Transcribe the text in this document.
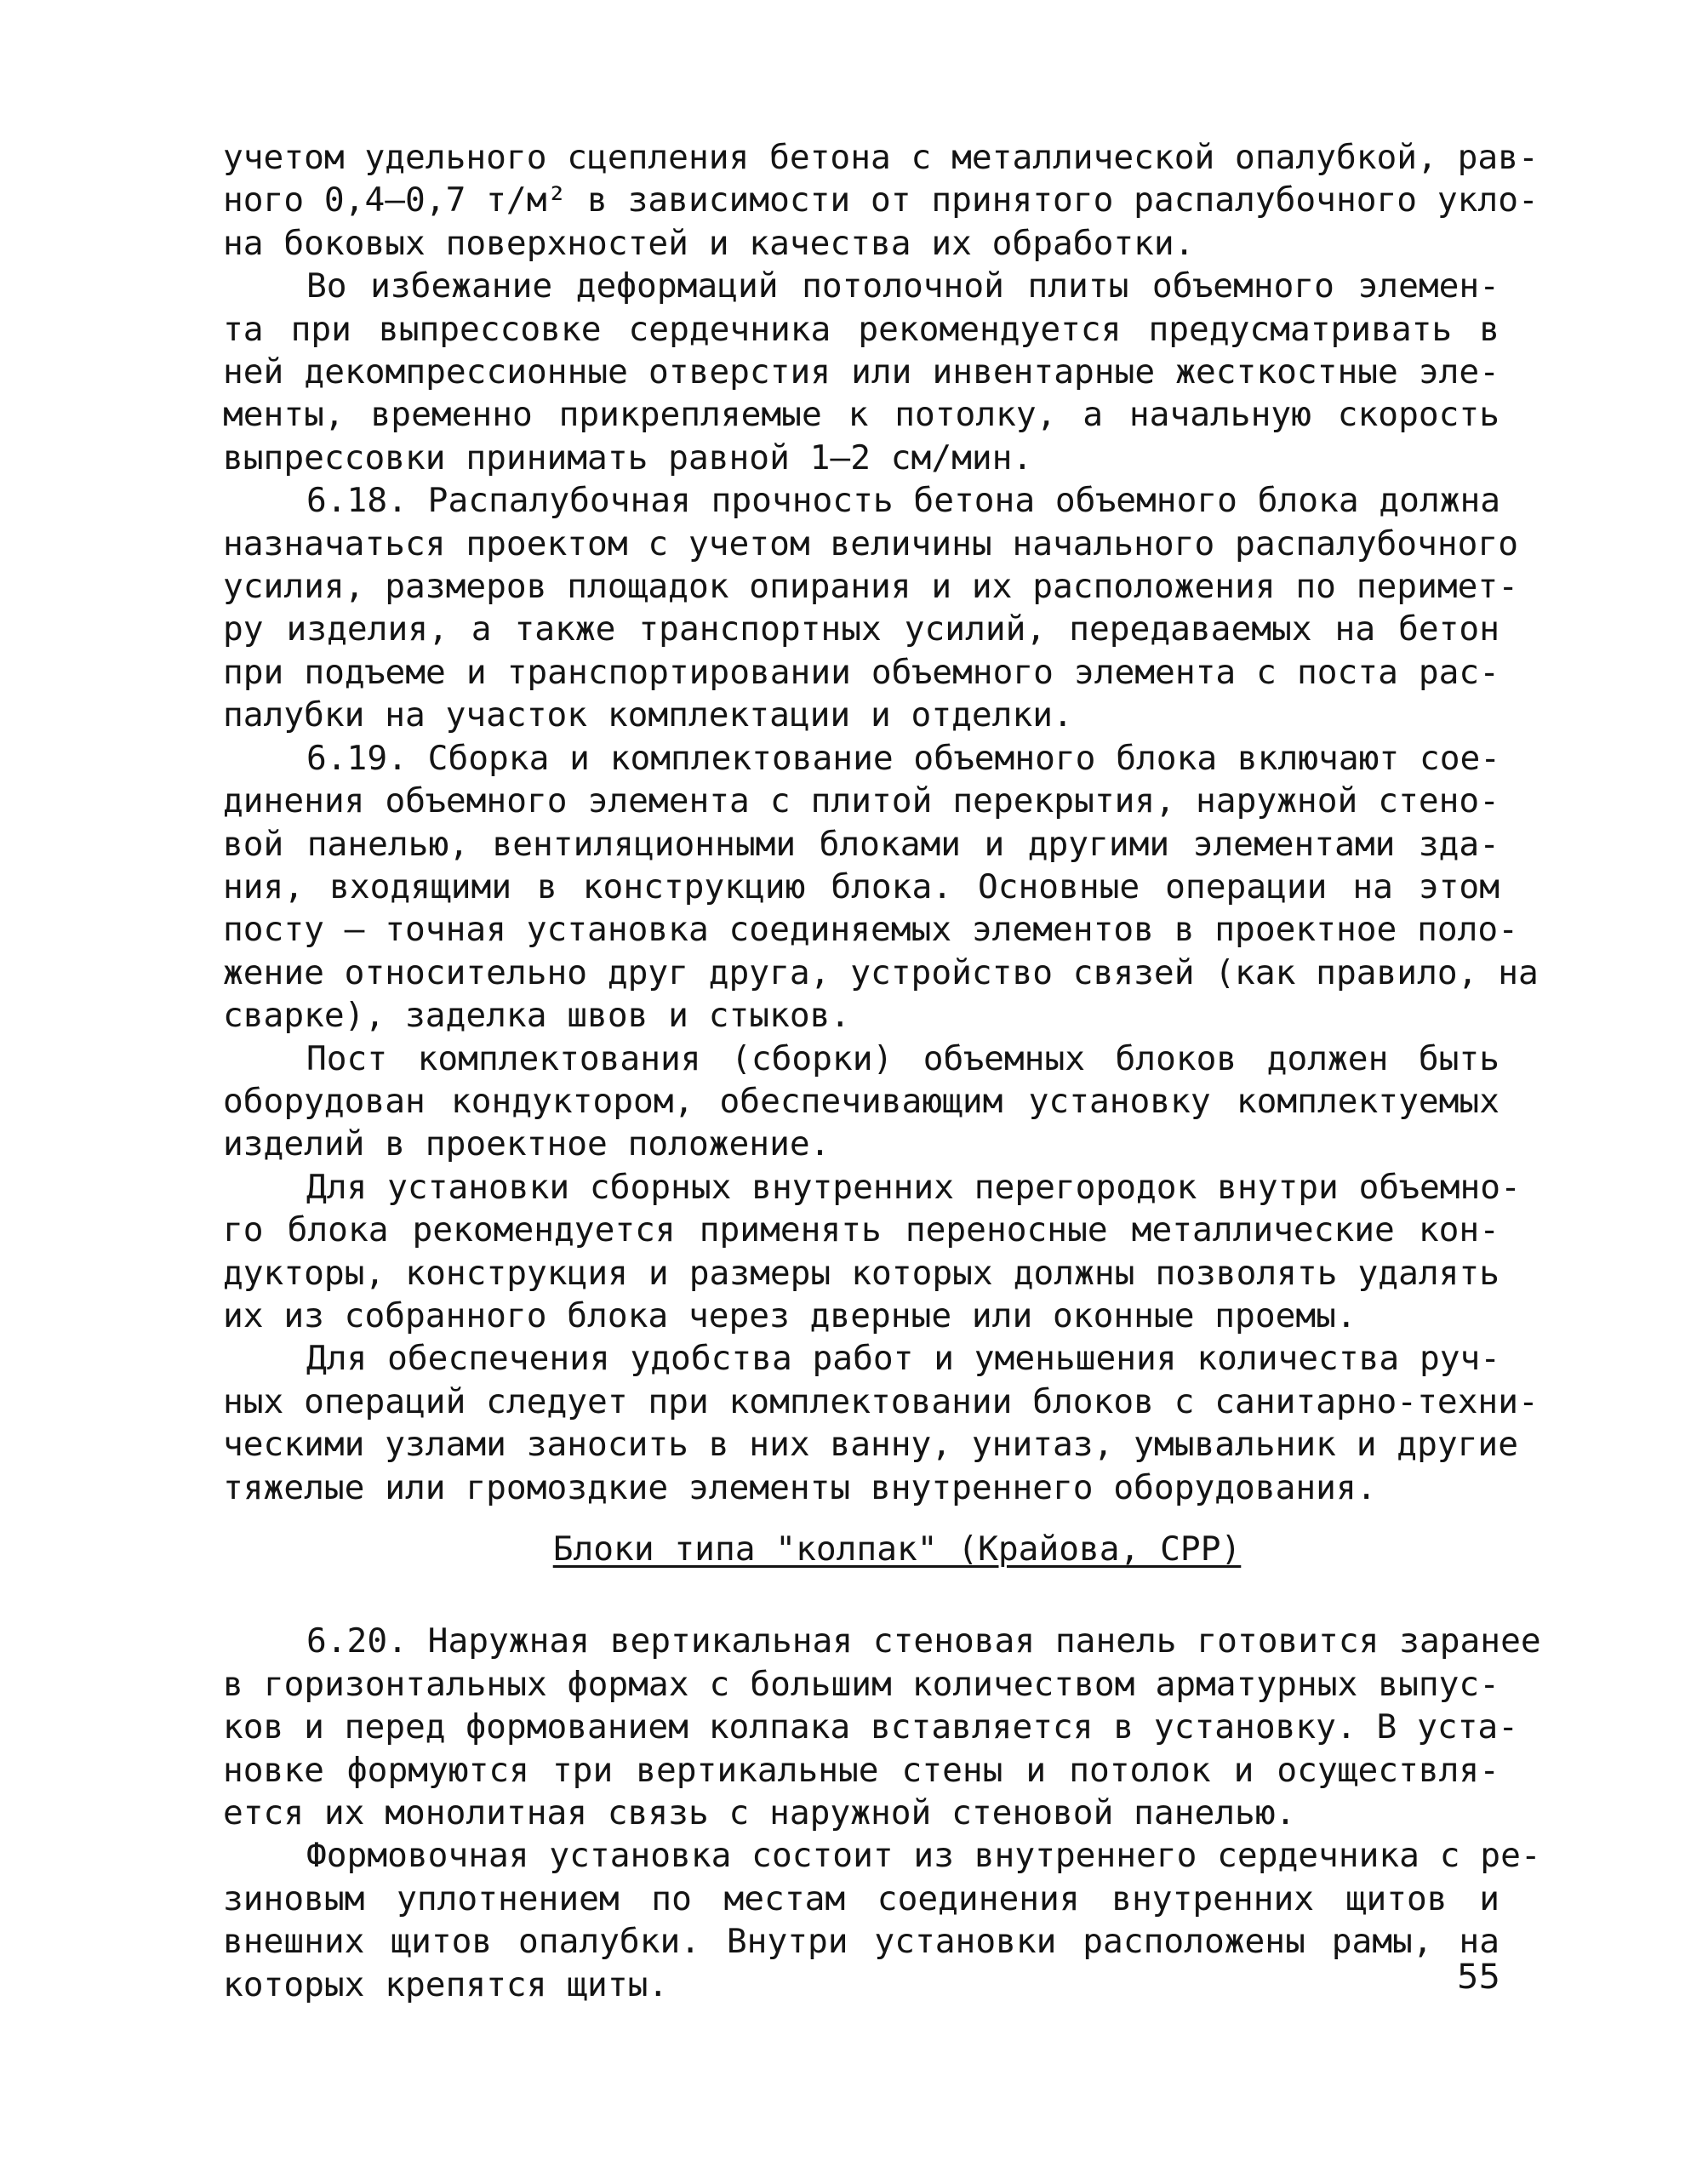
учетом удельного сцепления бетона с металлической опалубкой, рав-
ного 0,4–0,7 т/м² в зависимости от принятого распалубочного укло-
на боковых поверхностей и качества их обработки.
Во избежание деформаций потолочной плиты объемного элемен-
та при выпрессовке сердечника рекомендуется предусматривать в
ней декомпрессионные отверстия или инвентарные жесткостные эле-
менты, временно прикрепляемые к потолку, а начальную скорость
выпрессовки принимать равной 1–2 см/мин.
6.18. Распалубочная прочность бетона объемного блока должна
назначаться проектом с учетом величины начального распалубочного
усилия, размеров площадок опирания и их расположения по перимет-
ру изделия, а также транспортных усилий, передаваемых на бетон
при подъеме и транспортировании объемного элемента с поста рас-
палубки на участок комплектации и отделки.
6.19. Сборка и комплектование объемного блока включают сое-
динения объемного элемента с плитой перекрытия, наружной стено-
вой панелью, вентиляционными блоками и другими элементами зда-
ния, входящими в конструкцию блока. Основные операции на этом
посту – точная установка соединяемых элементов в проектное поло-
жение относительно друг друга, устройство связей (как правило, на
сварке), заделка швов и стыков.
Пост комплектования (сборки) объемных блоков должен быть
оборудован кондуктором, обеспечивающим установку комплектуемых
изделий в проектное положение.
Для установки сборных внутренних перегородок внутри объемно-
го блока рекомендуется применять переносные металлические кон-
дукторы, конструкция и размеры которых должны позволять удалять
их из собранного блока через дверные или оконные проемы.
Для обеспечения удобства работ и уменьшения количества руч-
ных операций следует при комплектовании блоков с санитарно-техни-
ческими узлами заносить в них ванну, унитаз, умывальник и другие
тяжелые или громоздкие элементы внутреннего оборудования.
Блоки типа "колпак" (Крайова, СРР)
6.20. Наружная вертикальная стеновая панель готовится заранее
в горизонтальных формах с большим количеством арматурных выпус-
ков и перед формованием колпака вставляется в установку. В уста-
новке формуются три вертикальные стены и потолок и осуществля-
ется их монолитная связь с наружной стеновой панелью.
Формовочная установка состоит из внутреннего сердечника с ре-
зиновым уплотнением по местам соединения внутренних щитов и
внешних щитов опалубки. Внутри установки расположены рамы, на
которых крепятся щиты.	55
